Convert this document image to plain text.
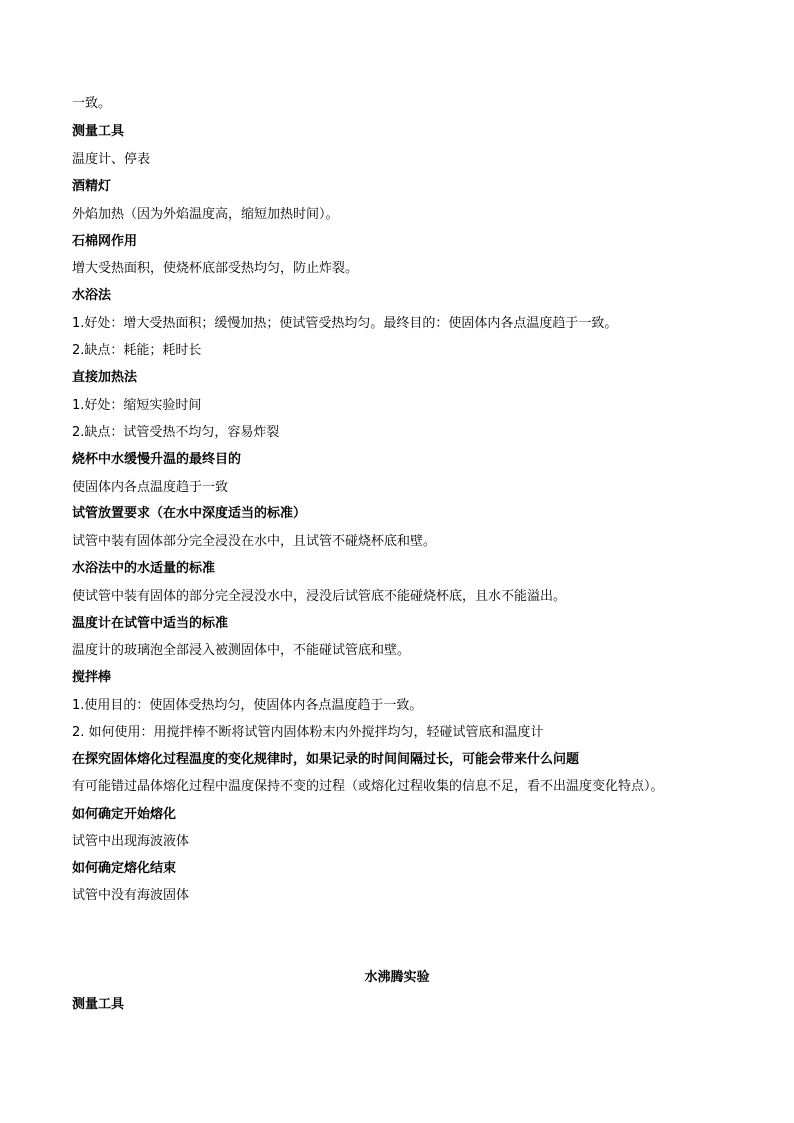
一致。
测量工具
温度计、停表
酒精灯
外焰加热（因为外焰温度高，缩短加热时间）。
石棉网作用
增大受热面积，使烧杯底部受热均匀，防止炸裂。
水浴法
1.好处：增大受热面积；缓慢加热；使试管受热均匀。最终目的：使固体内各点温度趋于一致。
2.缺点：耗能；耗时长
直接加热法
1.好处：缩短实验时间
2.缺点：试管受热不均匀，容易炸裂
烧杯中水缓慢升温的最终目的
使固体内各点温度趋于一致
试管放置要求（在水中深度适当的标准）
试管中装有固体部分完全浸没在水中，且试管不碰烧杯底和壁。
水浴法中的水适量的标准
使试管中装有固体的部分完全浸没水中，浸没后试管底不能碰烧杯底，且水不能溢出。
温度计在试管中适当的标准
温度计的玻璃泡全部浸入被测固体中，不能碰试管底和壁。
搅拌棒
1.使用目的：使固体受热均匀，使固体内各点温度趋于一致。
2. 如何使用：用搅拌棒不断将试管内固体粉末内外搅拌均匀，轻碰试管底和温度计
在探究固体熔化过程温度的变化规律时，如果记录的时间间隔过长，可能会带来什么问题
有可能错过晶体熔化过程中温度保持不变的过程（或熔化过程收集的信息不足，看不出温度变化特点）。
如何确定开始熔化
试管中出现海波液体
如何确定熔化结束
试管中没有海波固体
水沸腾实验
测量工具
